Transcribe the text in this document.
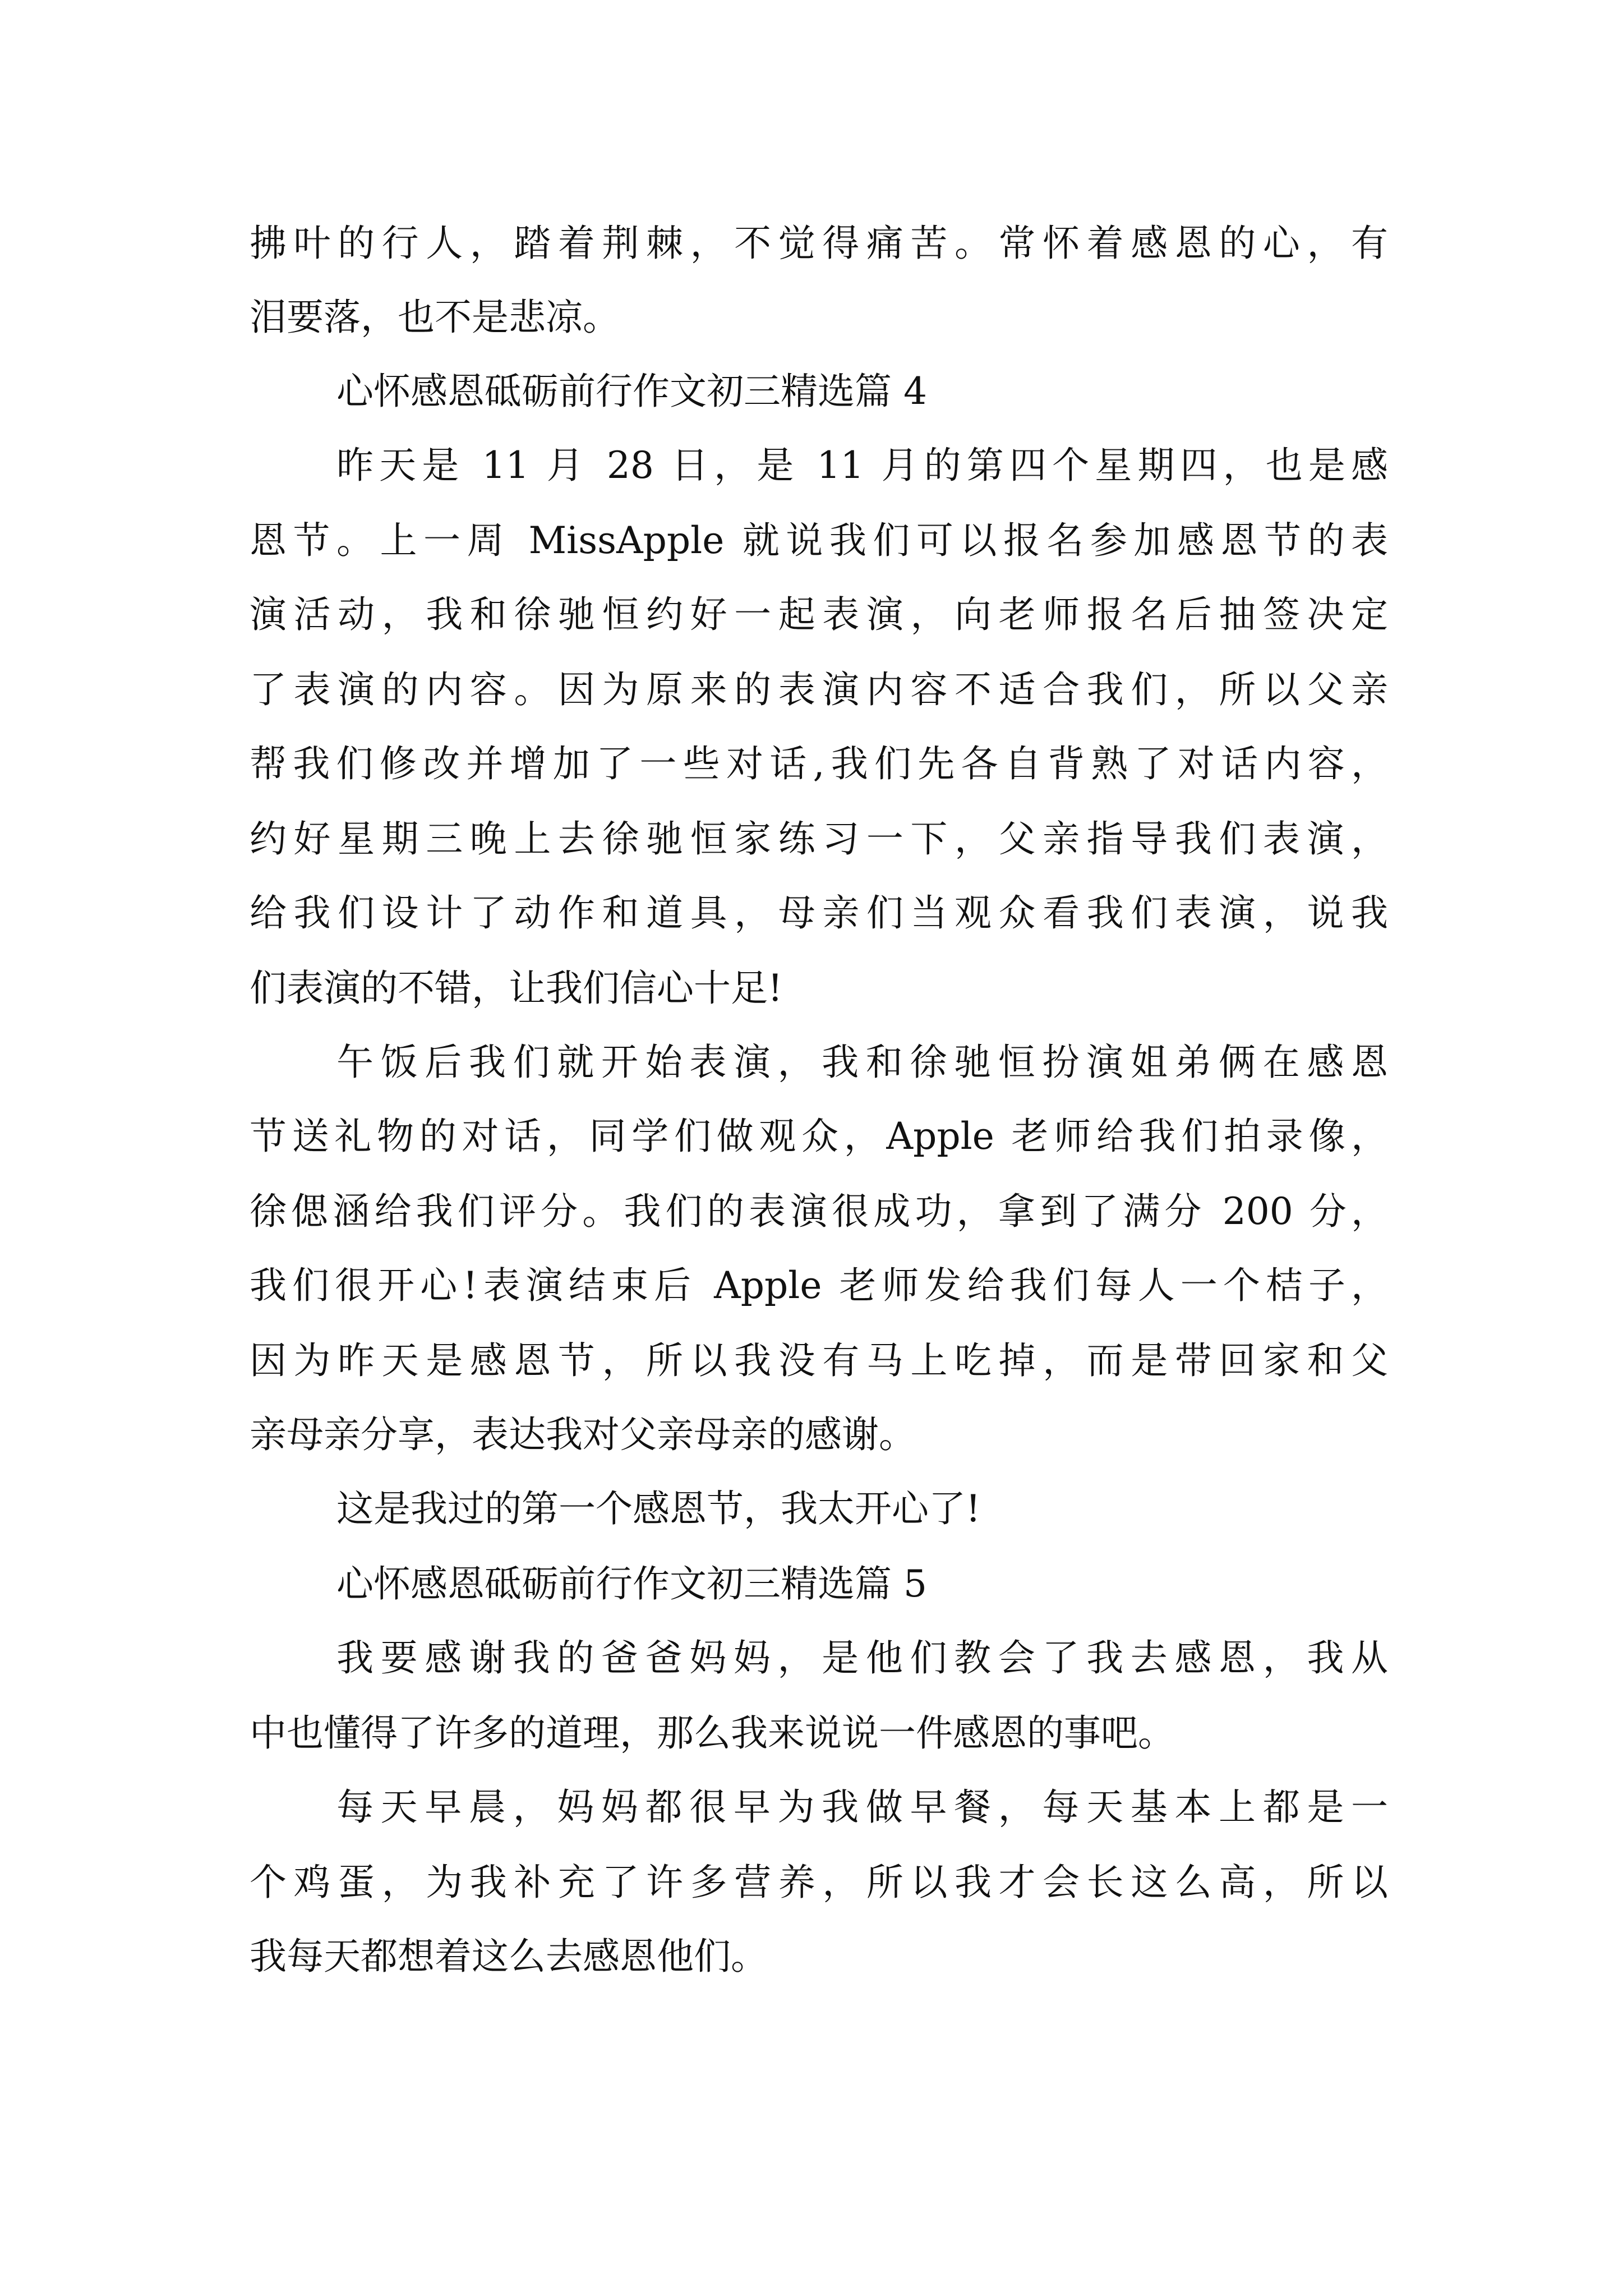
拂叶的行人，踏着荆棘，不觉得痛苦。常怀着感恩的心，有
泪要落，也不是悲凉。
心怀感恩砥砺前行作文初三精选篇 4
昨天是 11 月 28 日，是 11 月的第四个星期四，也是感
恩节。上一周 MissApple 就说我们可以报名参加感恩节的表
演活动，我和徐驰恒约好一起表演，向老师报名后抽签决定
了表演的内容。因为原来的表演内容不适合我们，所以父亲
帮我们修改并增加了一些对话,我们先各自背熟了对话内容，
约好星期三晚上去徐驰恒家练习一下，父亲指导我们表演，
给我们设计了动作和道具，母亲们当观众看我们表演，说我
们表演的不错，让我们信心十足!
午饭后我们就开始表演，我和徐驰恒扮演姐弟俩在感恩
节送礼物的对话，同学们做观众，Apple 老师给我们拍录像，
徐偲涵给我们评分。我们的表演很成功，拿到了满分 200 分，
我们很开心!表演结束后 Apple 老师发给我们每人一个桔子，
因为昨天是感恩节，所以我没有马上吃掉，而是带回家和父
亲母亲分享，表达我对父亲母亲的感谢。
这是我过的第一个感恩节，我太开心了!
心怀感恩砥砺前行作文初三精选篇 5
我要感谢我的爸爸妈妈，是他们教会了我去感恩，我从
中也懂得了许多的道理，那么我来说说一件感恩的事吧。
每天早晨，妈妈都很早为我做早餐，每天基本上都是一
个鸡蛋，为我补充了许多营养，所以我才会长这么高，所以
我每天都想着这么去感恩他们。
